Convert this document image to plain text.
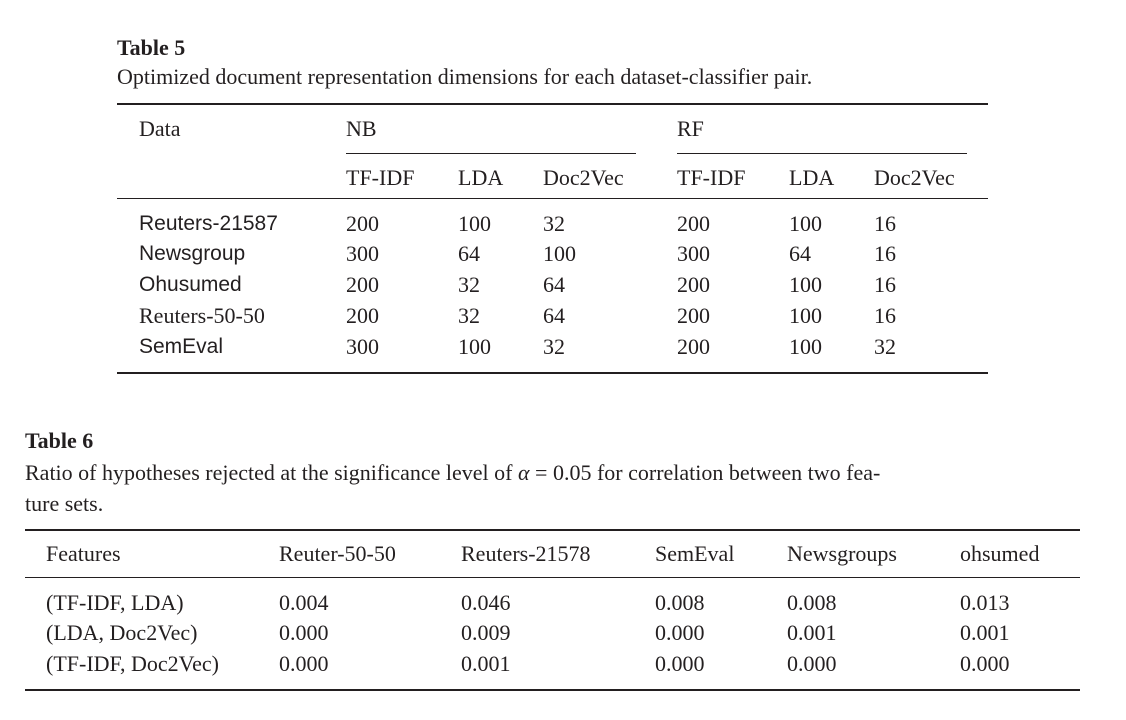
Table 5
Optimized document representation dimensions for each dataset-classifier pair.
Data	NB	RF
TF-IDF LDA Doc2Vec TF-IDF LDA Doc2Vec
Reuters-21587	200	100 32	200	100 16
Newsgroup	300	64	100	300	64	16
Ohusumed	200	32	64	200	100 16
Reuters-50-50	200	32	64	200	100 16
SemEval	300	100 32	200	100 32
Table 6
Ratio of hypotheses rejected at the significance level of α = 0.05 for correlation between two fea-
ture sets.
Features	Reuter-50-50	Reuters-21578	SemEval Newsgroups	ohsumed
(TF-IDF, LDA)	0.004	0.046	0.008	0.008	0.013
(LDA, Doc2Vec)	0.000	0.009	0.000	0.001	0.001
(TF-IDF, Doc2Vec)	0.000	0.001	0.000	0.000	0.000
